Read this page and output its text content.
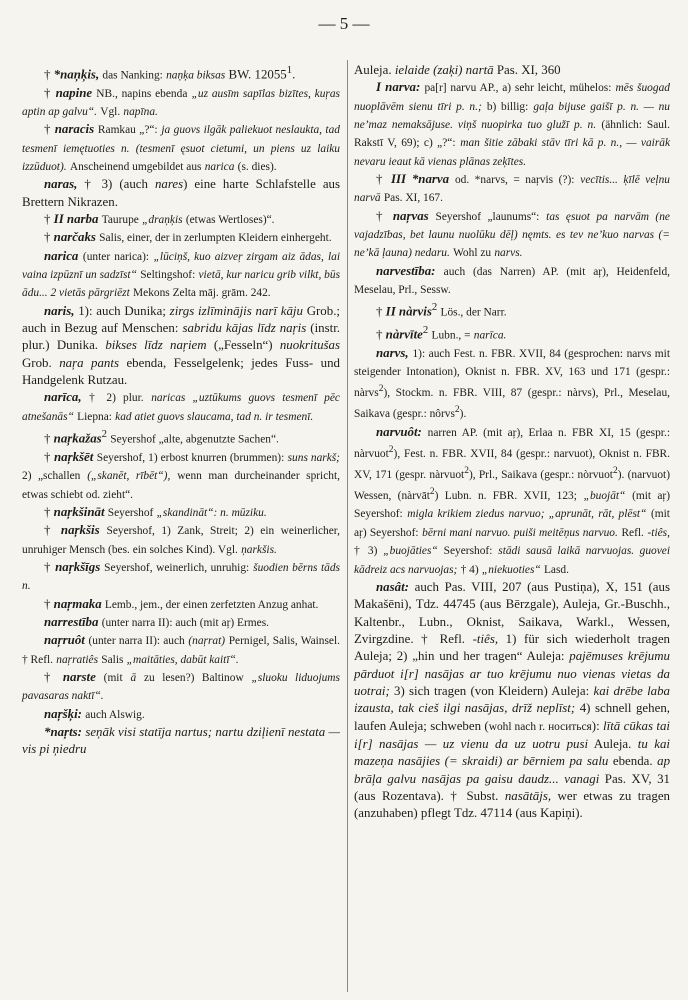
— 5 —

† *naņķis, das Nanking: naņķa biksas BW. 12055$^1$.

† napine NB., napins ebenda „uz ausīm sapīlas bizītes, kuŗas aptin ap galvu“. Vgl. napīna.

† naracis Ramkau „?“: ja guovs ilgāk paliekuot neslaukta, tad tesmenī iemętuoties n. (tesmenī ęsuot cietumi, un piens uz laiku izzūduot). Anscheinend umgebildet aus narica (s. dies).

naras, † 3) (auch nares) eine harte Schlafstelle aus Brettern Nikrazen.

† II narba Taurupe „draņķis (etwas Wertloses)“.

† narčaks Salis, einer, der in zerlumpten Kleidern einhergeht.

narica (unter narica): „lūciņš, kuo aizveŗ zirgam aiz ādas, lai vaina izpūznī un sadzīst“ Seltingshof: vietā, kur naricu grib vilkt, būs ādu... 2 vietās pārgriēzt Mekons Zelta māj. grām. 242.

naris, 1): auch Dunika; zirgs izlīminājis narī kāju Grob.; auch in Bezug auf Menschen: sabridu kājas līdz naŗis (instr. plur.) Dunika. bikses līdz naŗiem („Fesseln“) nuokritušas Grob. naŗa pants ebenda, Fesselgelenk; jedes Fuss- und Handgelenk Rutzau.

narīca, † 2) plur. naricas „uztūkums guovs tesmenī pēc atnešanās“ Liepna: kad atiet guovs slaucama, tad n. ir tesmenī.

† naŗkažas$^2$ Seyershof „alte, abgenutzte Sachen“.

† naŗkšēt Seyershof, 1) erbost knurren (brummen): suns narkš; 2) „schallen („skanēt, rībēt“), wenn man durcheinander spricht, etwas schiebt od. zieht“.

† naŗkšināt Seyershof „skandināt“: n. mūziku.

† naŗkšis Seyershof, 1) Zank, Streit; 2) ein weinerlicher, unruhiger Mensch (bes. ein solches Kind). Vgl. ņarkšis.

† naŗkšīgs Seyershof, weinerlich, unruhig: šuodien bērns tāds n.

† naŗmaka Lemb., jem., der einen zerfetzten Anzug anhat.

narrestība (unter narra II): auch (mit aŗ) Ermes.

naŗruôt (unter narra II): auch (naŗrat) Pernigel, Salis, Wainsel. † Refl. naŗratiês Salis „maitāties, dabūt kaitī“.

† narste (mit ā zu lesen?) Baltinow „sluoku liduojums pavasaras naktī“.

naŗšķi: auch Alswig.

*naŗts: seņāk visi statīja nartus; nartu dziļienī nestata — vis pi ņiedru

Auleja. ielaide (zaķi) nartā Pas. XI, 360

I narva: pa[r] narvu AP., a) sehr leicht, mühelos: mēs šuogad nuoplāvēm sienu tīri p. n.; b) billig: gaļa bijuse gaišī p. n. — nu ne’maz nemaksājuse. viņš nuopirka tuo glužī p. n. (ähnlich: Saul. Rakstī V, 69); c) „?“: man šitie zābaki stāv tīri kā p. n., — vairāk nevaru ieaut kā vienas plānas zeķītes.

† III *narva od. *narvs, = naŗvis (?): vecītis... ķīlē veļnu narvā Pas. XI, 167.

† naŗvas Seyershof „launums“: tas ęsuot pa narvām (ne vajadzības, bet launu nuolūku dēļ) nęmts. es tev ne’kuo narvas (= ne’kā ļauna) nedaru. Wohl zu narvs.

narvestība: auch (das Narren) AP. (mit aŗ), Heidenfeld, Meselau, Prl., Sessw.

† II nàrvis$^2$ Lös., der Narr.

† nàrvīte$^2$ Lubn., = narīca.

narvs, 1): auch Fest. n. FBR. XVII, 84 (gesprochen: narvs mit steigender Intonation), Oknist n. FBR. XV, 163 und 171 (gespr.: nàrvs$^2$), Stockm. n. FBR. VIII, 87 (gespr.: nàrvs), Prl., Meselau, Saikava (gespr.: nôrvs$^2$).

narvuôt: narren AP. (mit aŗ), Erlaa n. FBR XI, 15 (gespr.: nàrvuot$^2$), Fest. n. FBR. XVII, 84 (gespr.: narvuot), Oknist n. FBR. XV, 171 (gespr. nàrvuot$^2$), Prl., Saikava (gespr.: nòrvuot$^2$). (narvuot) Wessen, (nàrvāt$^2$) Lubn. n. FBR. XVII, 123; „buojāt“ (mit aŗ) Seyershof: migla krikiem ziedus narvuo; „aprunāt, rāt, plēst“ (mit aŗ) Seyershof: bērni mani narvuo. puiši meitēņus narvuo. Refl. -tiês, † 3) „buojāties“ Seyershof: stādi sausā laikā narvuojas. guovei kādreiz acs narvuojas; † 4) „niekuoties“ Lasd.

nasât: auch Pas. VIII, 207 (aus Pustiņa), X, 151 (aus Makašēni), Tdz. 44745 (aus Bērzgale), Auleja, Gr.-Buschh., Kaltenbr., Lubn., Oknist, Saikava, Warkl., Wessen, Zvirgzdine. † Refl. -tiês, 1) für sich wiederholt tragen Auleja; 2) „hin und her tragen“ Auleja: pajēmuses krējumu pārduot i[r] nasājas ar tuo krējumu nuo vienas vietas da uotrai; 3) sich tragen (von Kleidern) Auleja: kai drēbe laba izausta, tak cieš ilgi nasājas, drīž neplīst; 4) schnell gehen, laufen Auleja; schweben (wohl nach r. носиться): lītā cūkas tai i[r] nasājas — uz vienu da uz uotru pusi Auleja. tu kai mazeņa nasājies (= skraidi) ar bērniem pa salu ebenda. ap brāļa galvu nasājas pa gaisu daudz... vanagi Pas. XV, 31 (aus Rozentava). † Subst. nasātājs, wer etwas zu tragen (anzuhaben) pflegt Tdz. 47114 (aus Kapiņi).
